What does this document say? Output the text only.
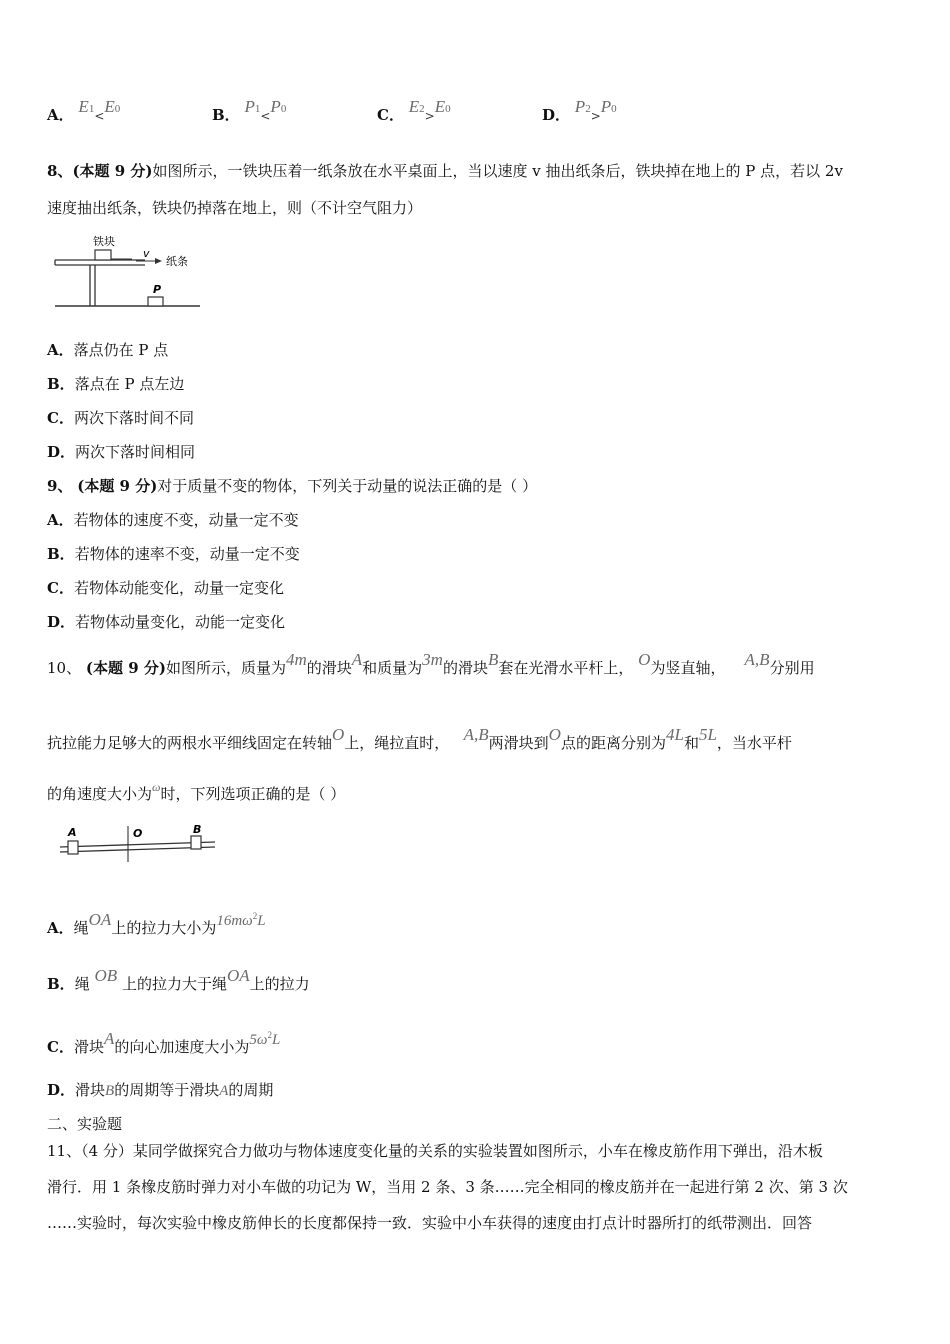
A． E1<E0	B． P1<P0	C． E2>E0	D． P2>P0
8、(本题 9 分)如图所示，一铁块压着一纸条放在水平桌面上，当以速度 v 抽出纸条后，铁块掉在地上的 P 点，若以 2v
速度抽出纸条，铁块仍掉落在地上，则（不计空气阻力）
铁块
v
纸条
P
A．落点仍在 P 点
B．落点在 P 点左边
C．两次下落时间不同
D．两次下落时间相同
9、 (本题 9 分)对于质量不变的物体，下列关于动量的说法正确的是（ ）
A．若物体的速度不变，动量一定不变
B．若物体的速率不变，动量一定不变
C．若物体动能变化，动量一定变化
D．若物体动量变化，动能一定变化
10、 (本题 9 分)如图所示，质量为4m的滑块A和质量为3m的滑块B套在光滑水平杆上， O为竖直轴， A,B分别用
抗拉能力足够大的两根水平细线固定在转轴O上，绳拉直时， A,B两滑块到O点的距离分别为4L和5L，当水平杆
的角速度大小为$^\omega$时，下列选项正确的是（ ）
A	O	B
A．绳OA上的拉力大小为$16m\omega^2L$
B．绳 OB 上的拉力大于绳OA上的拉力
C．滑块A的向心加速度大小为$5\omega^2L$
D．滑块B的周期等于滑块A的周期
二、实验题
11、（4 分）某同学做探究合力做功与物体速度变化量的关系的实验装置如图所示，小车在橡皮筋作用下弹出，沿木板
滑行．用 1 条橡皮筋时弹力对小车做的功记为 W，当用 2 条、3 条……完全相同的橡皮筋并在一起进行第 2 次、第 3 次
……实验时，每次实验中橡皮筋伸长的长度都保持一致．实验中小车获得的速度由打点计时器所打的纸带测出．回答
